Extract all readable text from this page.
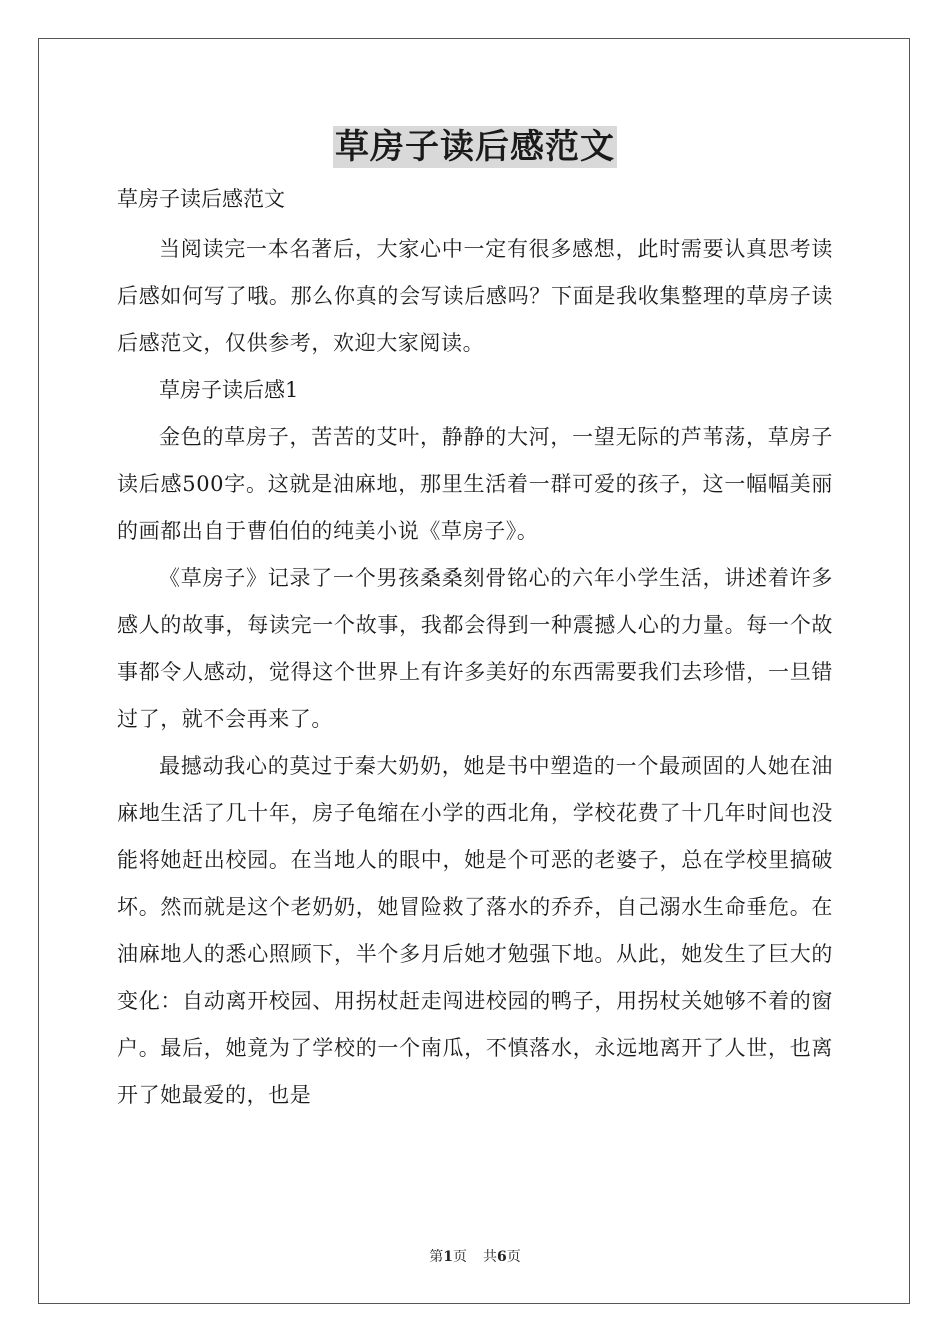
草房子读后感范文

草房子读后感范文

当阅读完一本名著后，大家心中一定有很多感想，此时需要认真思考读后感如何写了哦。那么你真的会写读后感吗？下面是我收集整理的草房子读后感范文，仅供参考，欢迎大家阅读。

草房子读后感1

金色的草房子，苦苦的艾叶，静静的大河，一望无际的芦苇荡，草房子读后感500字。这就是油麻地，那里生活着一群可爱的孩子，这一幅幅美丽的画都出自于曹伯伯的纯美小说《草房子》。

《草房子》记录了一个男孩桑桑刻骨铭心的六年小学生活，讲述着许多感人的故事，每读完一个故事，我都会得到一种震撼人心的力量。每一个故事都令人感动，觉得这个世界上有许多美好的东西需要我们去珍惜，一旦错过了，就不会再来了。

最撼动我心的莫过于秦大奶奶，她是书中塑造的一个最顽固的人她在油麻地生活了几十年，房子龟缩在小学的西北角，学校花费了十几年时间也没能将她赶出校园。在当地人的眼中，她是个可恶的老婆子，总在学校里搞破坏。然而就是这个老奶奶，她冒险救了落水的乔乔，自己溺水生命垂危。在油麻地人的悉心照顾下，半个多月后她才勉强下地。从此，她发生了巨大的变化：自动离开校园、用拐杖赶走闯进校园的鸭子，用拐杖关她够不着的窗户。最后，她竟为了学校的一个南瓜，不慎落水，永远地离开了人世，也离开了她最爱的，也是

第1页 共6页
